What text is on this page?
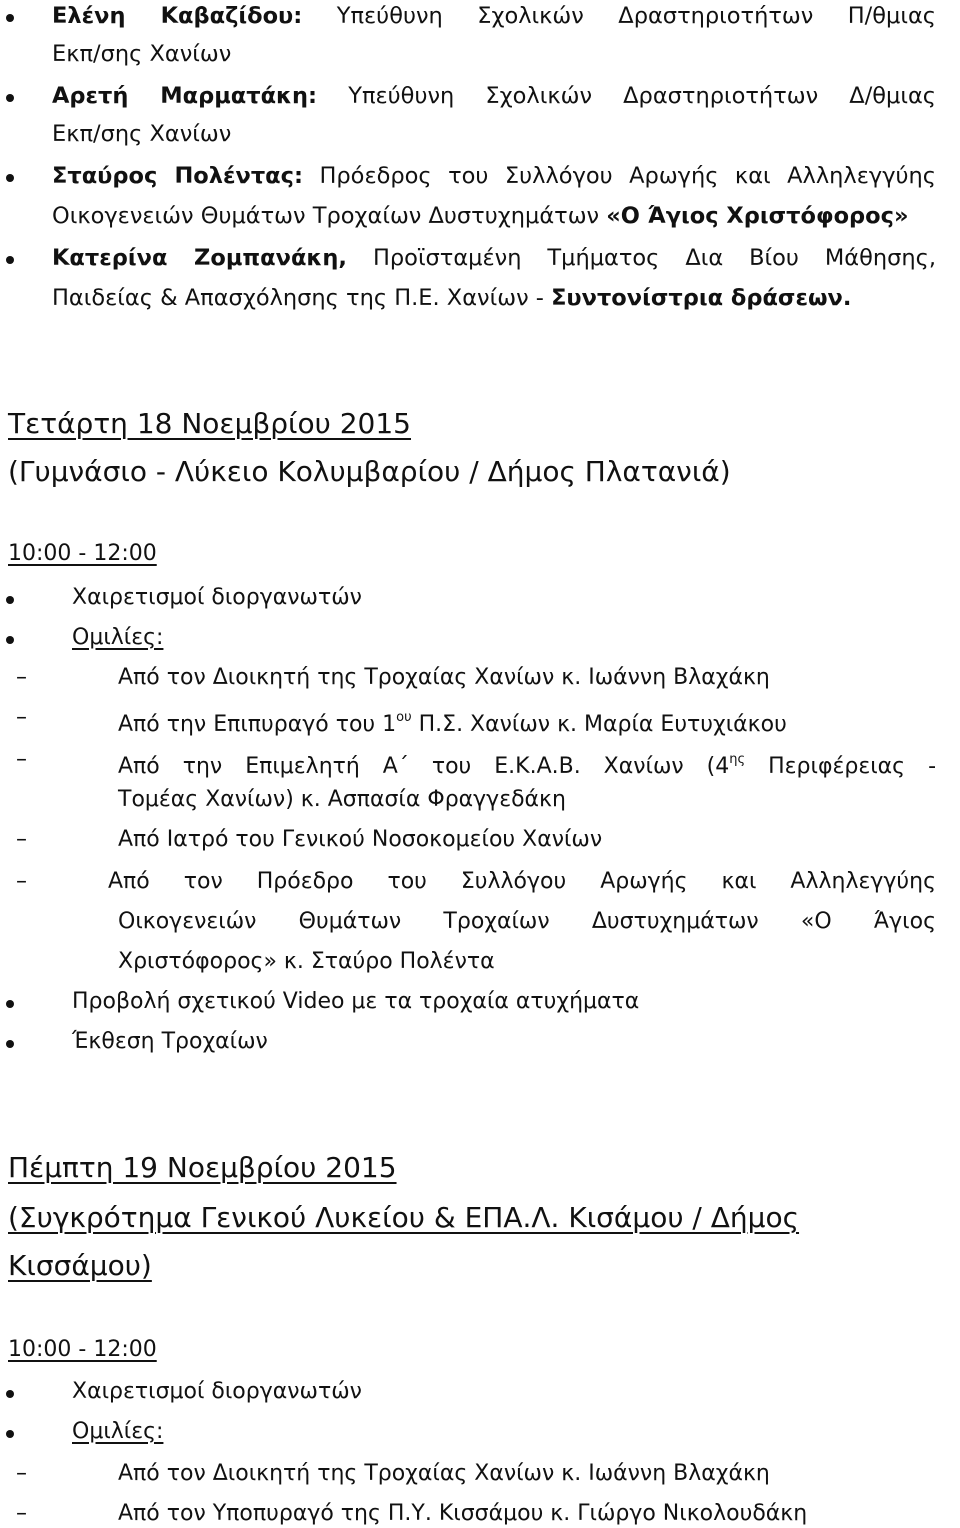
Ελένη Καβαζίδου: Υπεύθυνη Σχολικών Δραστηριοτήτων Π/θμιας
Εκπ/σης Χανίων
Αρετή Μαρματάκη: Υπεύθυνη Σχολικών Δραστηριοτήτων Δ/θμιας
Εκπ/σης Χανίων
Σταύρος Πολέντας: Πρόεδρος του Συλλόγου Αρωγής και Αλληλεγγύης
Οικογενειών Θυμάτων Τροχαίων Δυστυχημάτων «Ο Άγιος Χριστόφορος»
Κατερίνα Ζομπανάκη, Προϊσταμένη Τμήματος Δια Βίου Μάθησης,
Παιδείας & Απασχόλησης της Π.Ε. Χανίων - Συντονίστρια δράσεων.
Τετάρτη 18 Νοεμβρίου 2015
(Γυμνάσιο - Λύκειο Κολυμβαρίου / Δήμος Πλατανιά)
10:00 - 12:00
Χαιρετισμοί διοργανωτών
Ομιλίες:
–	Από τον Διοικητή της Τροχαίας Χανίων κ. Ιωάννη Βλαχάκη
–	Από την Επιπυραγό του $1^{o\upsilon}$ Π.Σ. Χανίων κ. Μαρία Ευτυχιάκου
–	Από την Επιμελητή Α΄ του Ε.Κ.Α.Β. Χανίων ($4^{\eta\varsigma}$ Περιφέρειας -
Τομέας Χανίων) κ. Ασπασία Φραγγεδάκη
–	Από Ιατρό του Γενικού Νοσοκομείου Χανίων
–	Από τον Πρόεδρο του Συλλόγου Αρωγής και Αλληλεγγύης
Οικογενειών Θυμάτων Τροχαίων Δυστυχημάτων «Ο Άγιος
Χριστόφορος» κ. Σταύρο Πολέντα
Προβολή σχετικού Video με τα τροχαία ατυχήματα
Έκθεση Τροχαίων
Πέμπτη 19 Νοεμβρίου 2015
(Συγκρότημα Γενικού Λυκείου & ΕΠΑ.Λ. Κισάμου / Δήμος
Κισσάμου)
10:00 - 12:00
Χαιρετισμοί διοργανωτών
Ομιλίες:
–	Από τον Διοικητή της Τροχαίας Χανίων κ. Ιωάννη Βλαχάκη
–	Από τον Υποπυραγό της Π.Υ. Κισσάμου κ. Γιώργο Νικολουδάκη
